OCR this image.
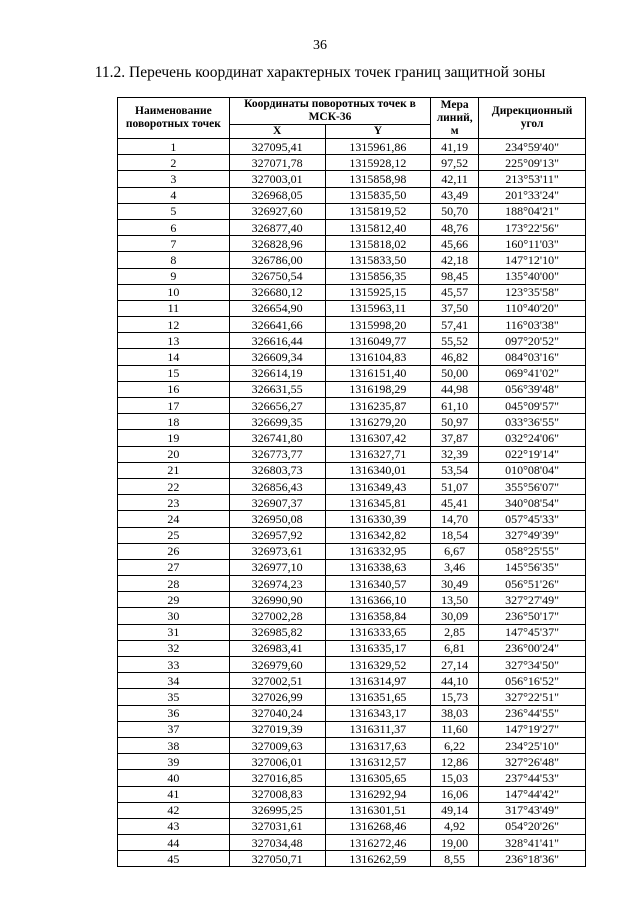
36
11.2. Перечень координат характерных точек границ защитной зоны
Наименование поворотных точек	Координаты поворотных точек в МСК-36		Мера линий, м	Дирекционный угол
	X	Y		
1	327095,41	1315961,86	41,19	234°59'40"
2	327071,78	1315928,12	97,52	225°09'13"
3	327003,01	1315858,98	42,11	213°53'11"
4	326968,05	1315835,50	43,49	201°33'24"
5	326927,60	1315819,52	50,70	188°04'21"
6	326877,40	1315812,40	48,76	173°22'56"
7	326828,96	1315818,02	45,66	160°11'03"
8	326786,00	1315833,50	42,18	147°12'10"
9	326750,54	1315856,35	98,45	135°40'00"
10	326680,12	1315925,15	45,57	123°35'58"
11	326654,90	1315963,11	37,50	110°40'20"
12	326641,66	1315998,20	57,41	116°03'38"
13	326616,44	1316049,77	55,52	097°20'52"
14	326609,34	1316104,83	46,82	084°03'16"
15	326614,19	1316151,40	50,00	069°41'02"
16	326631,55	1316198,29	44,98	056°39'48"
17	326656,27	1316235,87	61,10	045°09'57"
18	326699,35	1316279,20	50,97	033°36'55"
19	326741,80	1316307,42	37,87	032°24'06"
20	326773,77	1316327,71	32,39	022°19'14"
21	326803,73	1316340,01	53,54	010°08'04"
22	326856,43	1316349,43	51,07	355°56'07"
23	326907,37	1316345,81	45,41	340°08'54"
24	326950,08	1316330,39	14,70	057°45'33"
25	326957,92	1316342,82	18,54	327°49'39"
26	326973,61	1316332,95	6,67	058°25'55"
27	326977,10	1316338,63	3,46	145°56'35"
28	326974,23	1316340,57	30,49	056°51'26"
29	326990,90	1316366,10	13,50	327°27'49"
30	327002,28	1316358,84	30,09	236°50'17"
31	326985,82	1316333,65	2,85	147°45'37"
32	326983,41	1316335,17	6,81	236°00'24"
33	326979,60	1316329,52	27,14	327°34'50"
34	327002,51	1316314,97	44,10	056°16'52"
35	327026,99	1316351,65	15,73	327°22'51"
36	327040,24	1316343,17	38,03	236°44'55"
37	327019,39	1316311,37	11,60	147°19'27"
38	327009,63	1316317,63	6,22	234°25'10"
39	327006,01	1316312,57	12,86	327°26'48"
40	327016,85	1316305,65	15,03	237°44'53"
41	327008,83	1316292,94	16,06	147°44'42"
42	326995,25	1316301,51	49,14	317°43'49"
43	327031,61	1316268,46	4,92	054°20'26"
44	327034,48	1316272,46	19,00	328°41'41"
45	327050,71	1316262,59	8,55	236°18'36"
